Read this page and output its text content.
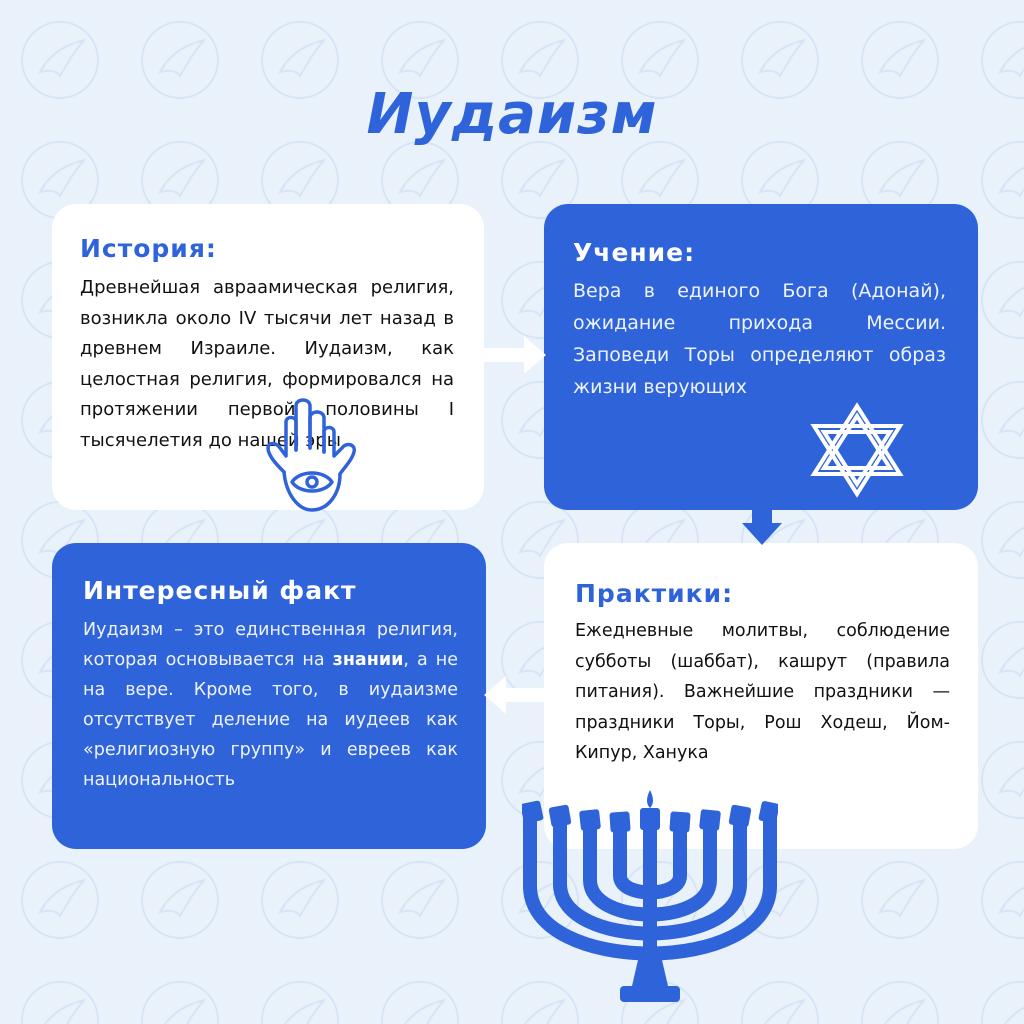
Иудаизм
История:

Древнейшая авраамическая религия, возникла около IV тысячи лет назад в древнем Израиле. Иудаизм, как целостная религия, формировался на протяжении первой половины I тысячелетия до нашей эры

Учение:

Вера в единого Бога (Адонай), ожидание прихода Мессии. Заповеди Торы определяют образ жизни верующих

Интересный факт

Иудаизм – это единственная религия, которая основывается на знании, а не на вере. Кроме того, в иудаизме отсутствует деление на иудеев как «религиозную группу» и евреев как национальность

Практики:

Ежедневные молитвы, соблюдение субботы (шаббат), кашрут (правила питания). Важнейшие праздники — праздники Торы, Рош Ходеш, Йом-Кипур, Ханука
